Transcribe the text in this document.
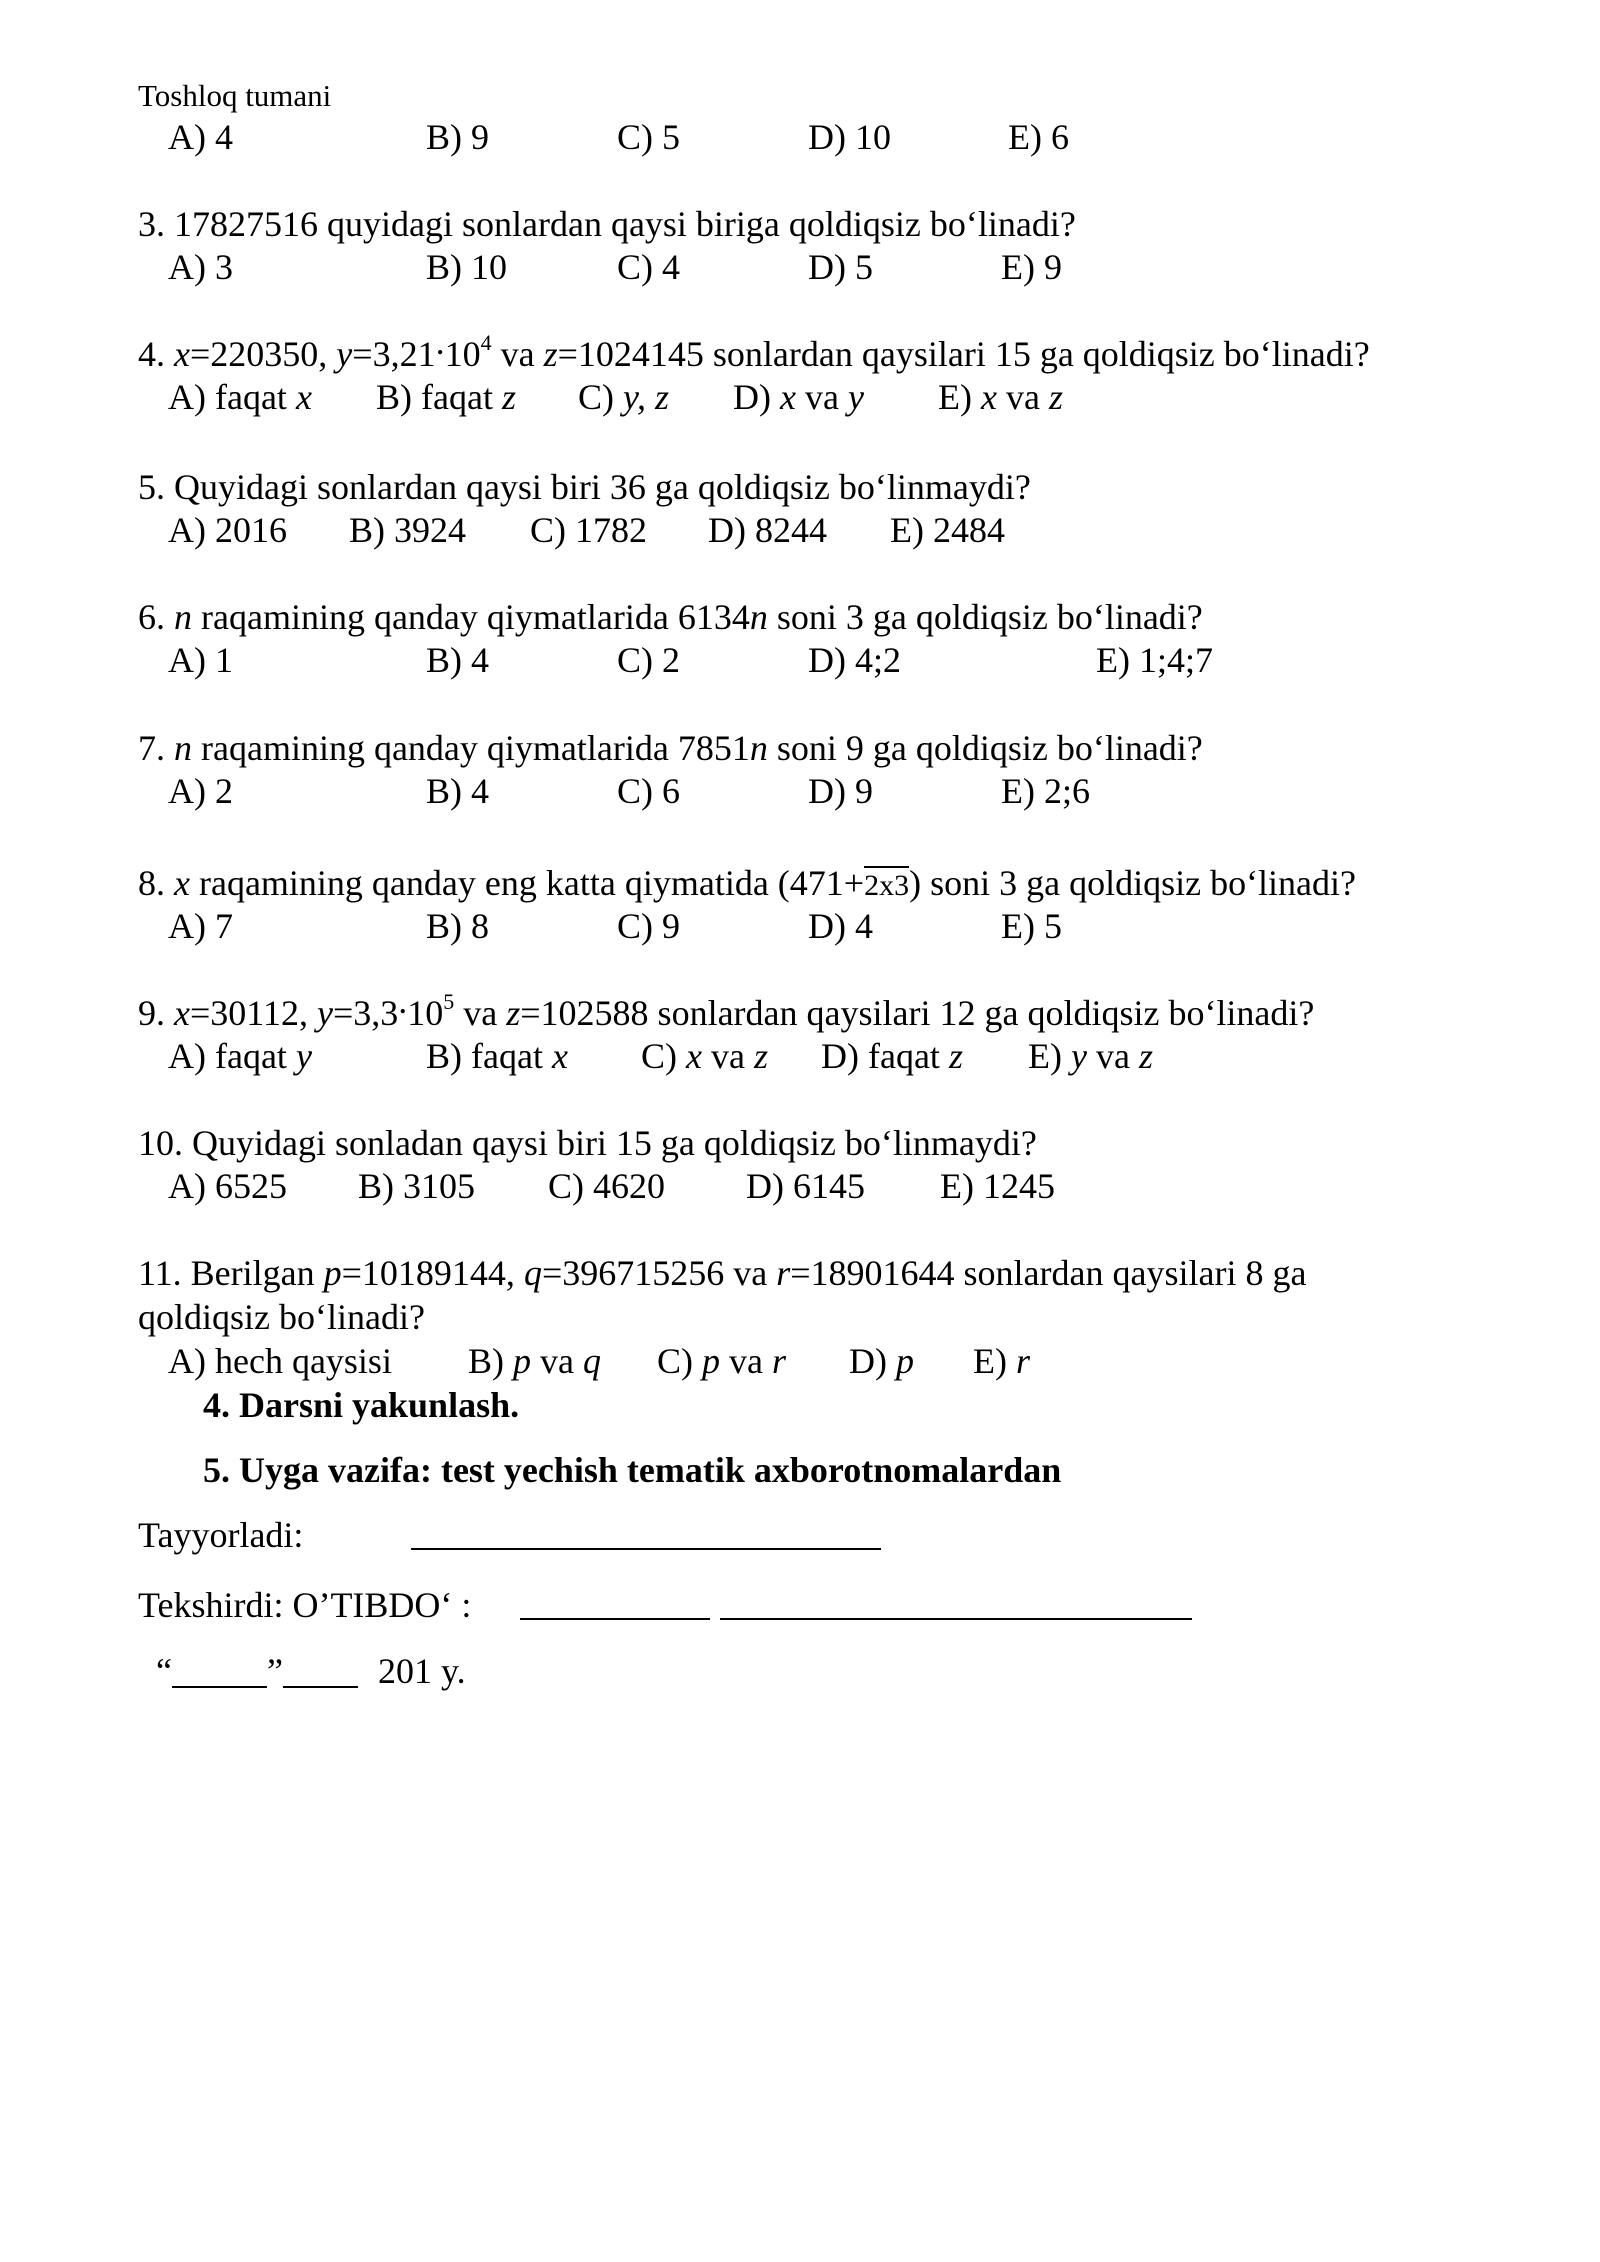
Toshloq tumani
A) 4	B) 9	C) 5	D) 10	E) 6
3. 17827516 quyidagi sonlardan qaysi biriga qoldiqsiz bo‘linadi?
A) 3	B) 10	C) 4	D) 5	E) 9
4. x=220350, $y=3,21.10^4$ va z=1024145 sonlardan qaysilari 15 ga qoldiqsiz bo‘linadi?
A) faqat x B) faqat z C) y, z D) x va y E) x va z
5. Quyidagi sonlardan qaysi biri 36 ga qoldiqsiz bo‘linmaydi?
A) 2016 B) 3924 C) 1782 D) 8244 E) 2484
6. n raqamining qanday qiymatlarida 6134n soni 3 ga qoldiqsiz bo‘linadi?
A) 1	B) 4	C) 2	D) 4;2	E) 1;4;7
7. n raqamining qanday qiymatlarida 7851n soni 9 ga qoldiqsiz bo‘linadi?
A) 2	B) 4	C) 6	D) 9	E) 2;6
8. x raqamining qanday eng katta qiymatida (471+2x3) soni 3 ga qoldiqsiz bo‘linadi?
A) 7	B) 8	C) 9	D) 4	E) 5
9. x=30112, $y=3,3.10^5$ va z=102588 sonlardan qaysilari 12 ga qoldiqsiz bo‘linadi?
A) faqat y	B) faqat x C) x va z D) faqat z E) y va z
10. Quyidagi sonladan qaysi biri 15 ga qoldiqsiz bo‘linmaydi?
A) 6525 B) 3105 C) 4620 D) 6145 E) 1245
11. Berilgan p=10189144, q=396715256 va r=18901644 sonlardan qaysilari 8 ga
qoldiqsiz bo‘linadi?
A) hech qaysisi B) p va q C) p va r D) p E) r
4. Darsni yakunlash.
5. Uyga vazifa: test yechish tematik axborotnomalardan
Tayyorladi:
Tekshirdi: O’TIBDO‘ :
“	”	201 y.
